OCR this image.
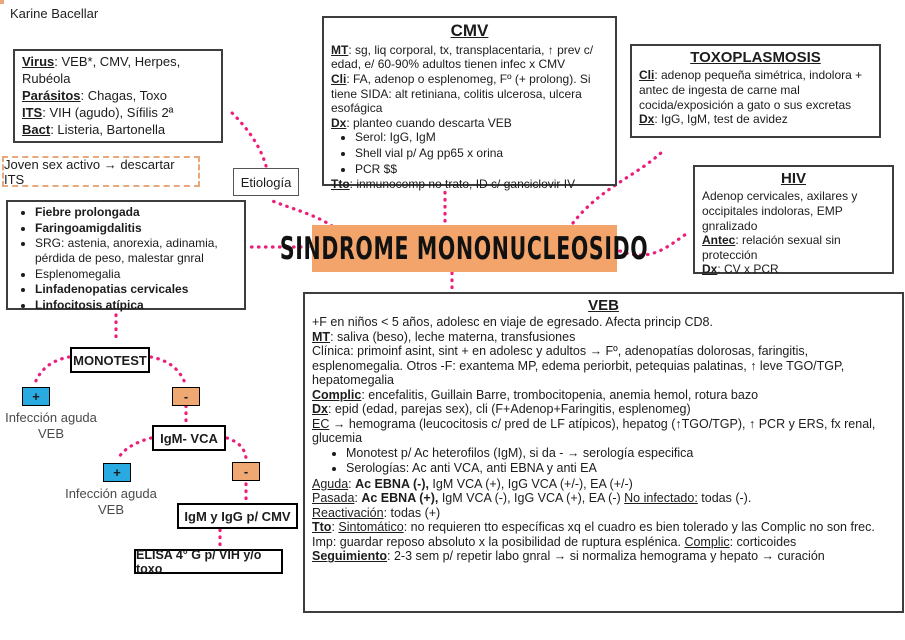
Karine Bacellar
Virus: VEB*, CMV, Herpes, Rubéola
Parásitos: Chagas, Toxo
ITS: VIH (agudo), Sífilis 2ª
Bact: Listeria, Bartonella
Joven sex activo → descartar ITS	Etiología
CMV
MT: sg, liq corporal, tx, transplacentaria, ↑ prev c/ edad, e/ 60-90% adultos tienen infec x CMV
Cli: FA, adenop o esplenomeg, Fº (+ prolong). Si tiene SIDA: alt retiniana, colitis ulcerosa, ulcera esofágica
Dx: planteo cuando descarta VEB
• Serol: IgG, IgM
• Shell vial p/ Ag pp65 x orina
• PCR $$
Tto: inmunocomp no trato, ID c/ ganciclovir IV
TOXOPLASMOSIS
Cli: adenop pequeña simétrica, indolora + antec de ingesta de carne mal cocida/exposición a gato o sus excretas
Dx: IgG, IgM, test de avidez
HIV
Adenop cervicales, axilares y occipitales indoloras, EMP gnralizado
Antec: relación sexual sin protección
Dx: CV x PCR
• Fiebre prolongada
• Faringoamigdalitis
• SRG: astenia, anorexia, adinamia, pérdida de peso, malestar gnral
• Esplenomegalia
• Linfadenopatias cervicales
• Linfocitosis atípica
SINDROME MONONUCLEOSIDO
VEB
+F en niños < 5 años, adolesc en viaje de egresado. Afecta princip CD8.
MT: saliva (beso), leche materna, transfusiones
Clínica: primoinf asint, sint + en adolesc y adultos → Fº, adenopatías dolorosas, faringitis, esplenomegalia. Otros -F: exantema MP, edema periorbit, petequias palatinas, ↑ leve TGO/TGP, hepatomegalia
Complic: encefalitis, Guillain Barre, trombocitopenia, anemia hemol, rotura bazo
Dx: epid (edad, parejas sex), cli (F+Adenop+Faringitis, esplenomeg)
EC → hemograma (leucocitosis c/ pred de LF atípicos), hepatog (↑TGO/TGP), ↑ PCR y ERS, fx renal, glucemia
• Monotest p/ Ac heterofilos (IgM), si da - → serología especifica
• Serologías: Ac anti VCA, anti EBNA y anti EA
Aguda: Ac EBNA (-), IgM VCA (+), IgG VCA (+/-), EA (+/-)
Pasada: Ac EBNA (+), IgM VCA (-), IgG VCA (+), EA (-) No infectado: todas (-).
Reactivación: todas (+)
Tto: Sintomático: no requieren tto específicas xq el cuadro es bien tolerado y las Complic no son frec. Imp: guardar reposo absoluto x la posibilidad de ruptura esplénica. Complic: corticoides
Seguimiento: 2-3 sem p/ repetir labo gnral → si normaliza hemograma y hepato → curación
MONOTEST
+
Infección aguda VEB
-
IgM- VCA
+
Infección aguda VEB
-
IgM y IgG p/ CMV
ELISA 4° G p/ VIH y/o toxo
